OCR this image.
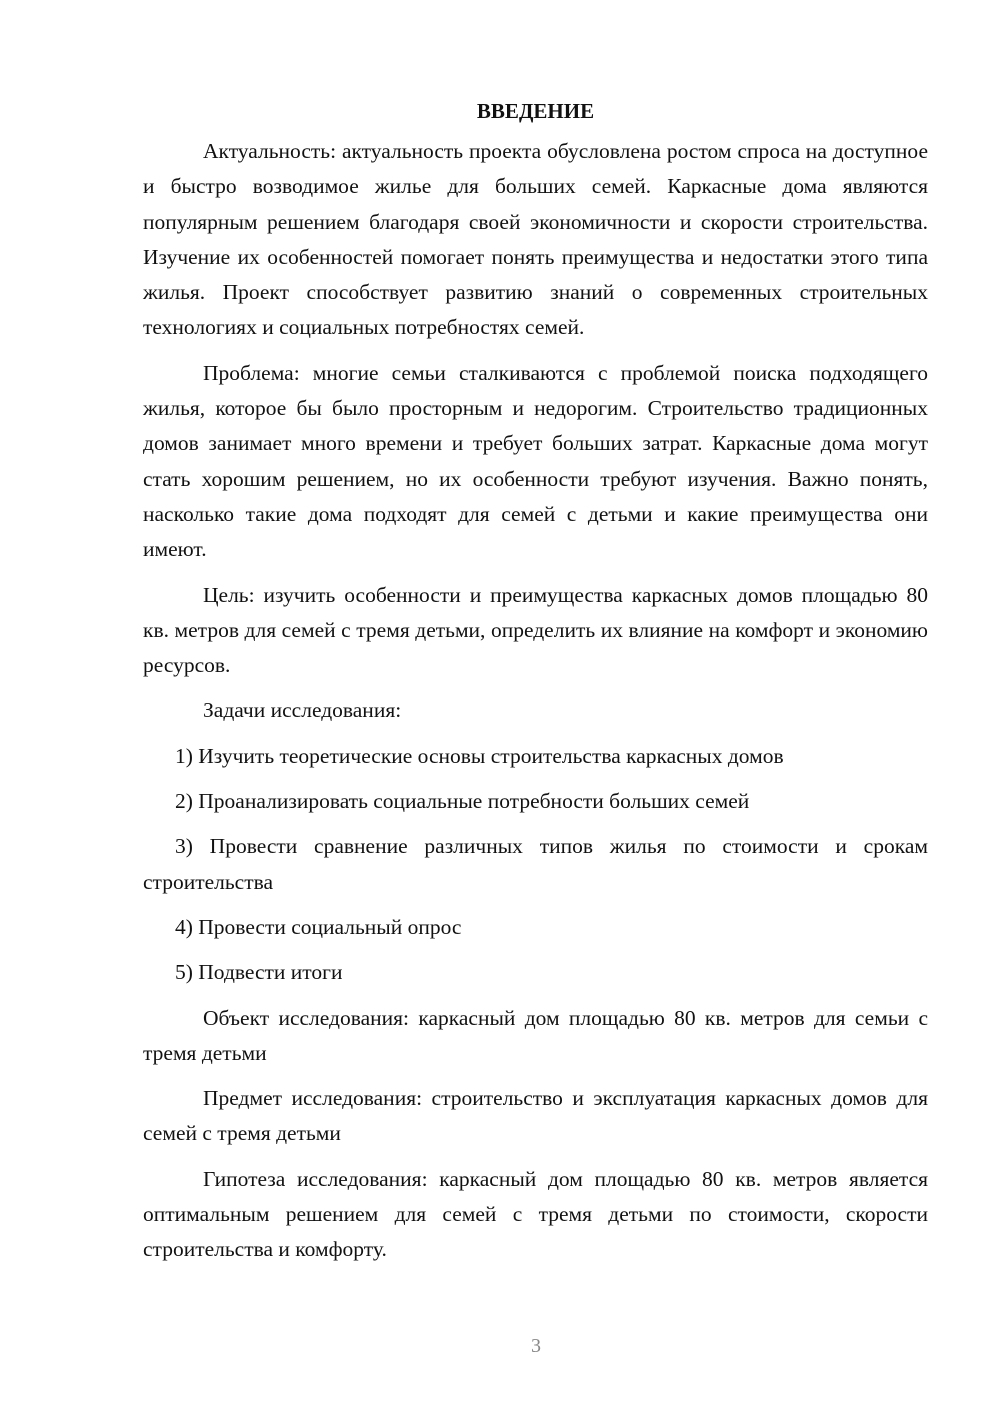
ВВЕДЕНИЕ

Актуальность: актуальность проекта обусловлена ростом спроса на доступное и быстро возводимое жилье для больших семей. Каркасные дома являются популярным решением благодаря своей экономичности и скорости строительства. Изучение их особенностей помогает понять преимущества и недостатки этого типа жилья. Проект способствует развитию знаний о современных строительных технологиях и социальных потребностях семей.

Проблема: многие семьи сталкиваются с проблемой поиска подходящего жилья, которое бы было просторным и недорогим. Строительство традиционных домов занимает много времени и требует больших затрат. Каркасные дома могут стать хорошим решением, но их особенности требуют изучения. Важно понять, насколько такие дома подходят для семей с детьми и какие преимущества они имеют.

Цель: изучить особенности и преимущества каркасных домов площадью 80 кв. метров для семей с тремя детьми, определить их влияние на комфорт и экономию ресурсов.

Задачи исследования:

1) Изучить теоретические основы строительства каркасных домов
2) Проанализировать социальные потребности больших семей
3) Провести сравнение различных типов жилья по стоимости и срокам строительства
4) Провести социальный опрос
5) Подвести итоги

Объект исследования: каркасный дом площадью 80 кв. метров для семьи с тремя детьми

Предмет исследования: строительство и эксплуатация каркасных домов для семей с тремя детьми

Гипотеза исследования: каркасный дом площадью 80 кв. метров является оптимальным решением для семей с тремя детьми по стоимости, скорости строительства и комфорту.

3
